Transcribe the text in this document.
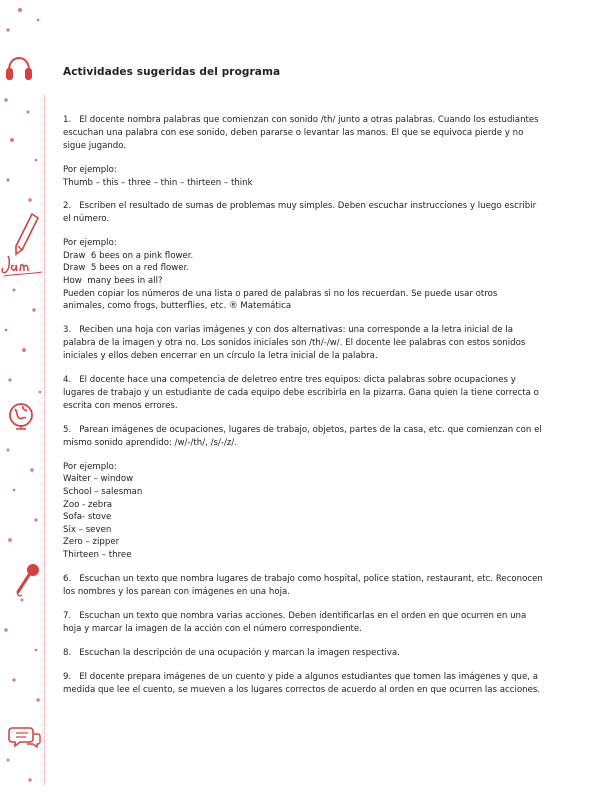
Actividades sugeridas del programa
1. El docente nombra palabras que comienzan con sonido /th/ junto a otras palabras. Cuando los estudiantes escuchan una palabra con ese sonido, deben pararse o levantar las manos. El que se equivoca pierde y no sigue jugando.
Por ejemplo:
Thumb – this – three – thin – thirteen – think
2. Escriben el resultado de sumas de problemas muy simples. Deben escuchar instrucciones y luego escribir el número.
Por ejemplo:
Draw  6 bees on a pink flower.
Draw  5 bees on a red flower.
How  many bees in all?
Pueden copiar los números de una lista o pared de palabras si no los recuerdan. Se puede usar otros
animales, como frogs, butterflies, etc. ® Matemática
3. Reciben una hoja con varias imágenes y con dos alternativas: una corresponde a la letra inicial de la palabra de la imagen y otra no. Los sonidos iniciales son /th/-/w/. El docente lee palabras con estos sonidos iniciales y ellos deben encerrar en un círculo la letra inicial de la palabra.
4. El docente hace una competencia de deletreo entre tres equipos: dicta palabras sobre ocupaciones y lugares de trabajo y un estudiante de cada equipo debe escribirla en la pizarra. Gana quien la tiene correcta o escrita con menos errores.
5. Parean imágenes de ocupaciones, lugares de trabajo, objetos, partes de la casa, etc. que comienzan con el mismo sonido aprendido: /w/-/th/, /s/-/z/.
Por ejemplo:
Waiter – window
School – salesman
Zoo - zebra
Sofa- stove
Six – seven
Zero – zipper
Thirteen – three
6. Escuchan un texto que nombra lugares de trabajo como hospital, police station, restaurant, etc. Reconocen los nombres y los parean con imágenes en una hoja.
7. Escuchan un texto que nombra varias acciones. Deben identificarlas en el orden en que ocurren en una hoja y marcar la imagen de la acción con el número correspondiente.
8. Escuchan la descripción de una ocupación y marcan la imagen respectiva.
9. El docente prepara imágenes de un cuento y pide a algunos estudiantes que tomen las imágenes y que, a medida que lee el cuento, se mueven a los lugares correctos de acuerdo al orden en que ocurren las acciones.
